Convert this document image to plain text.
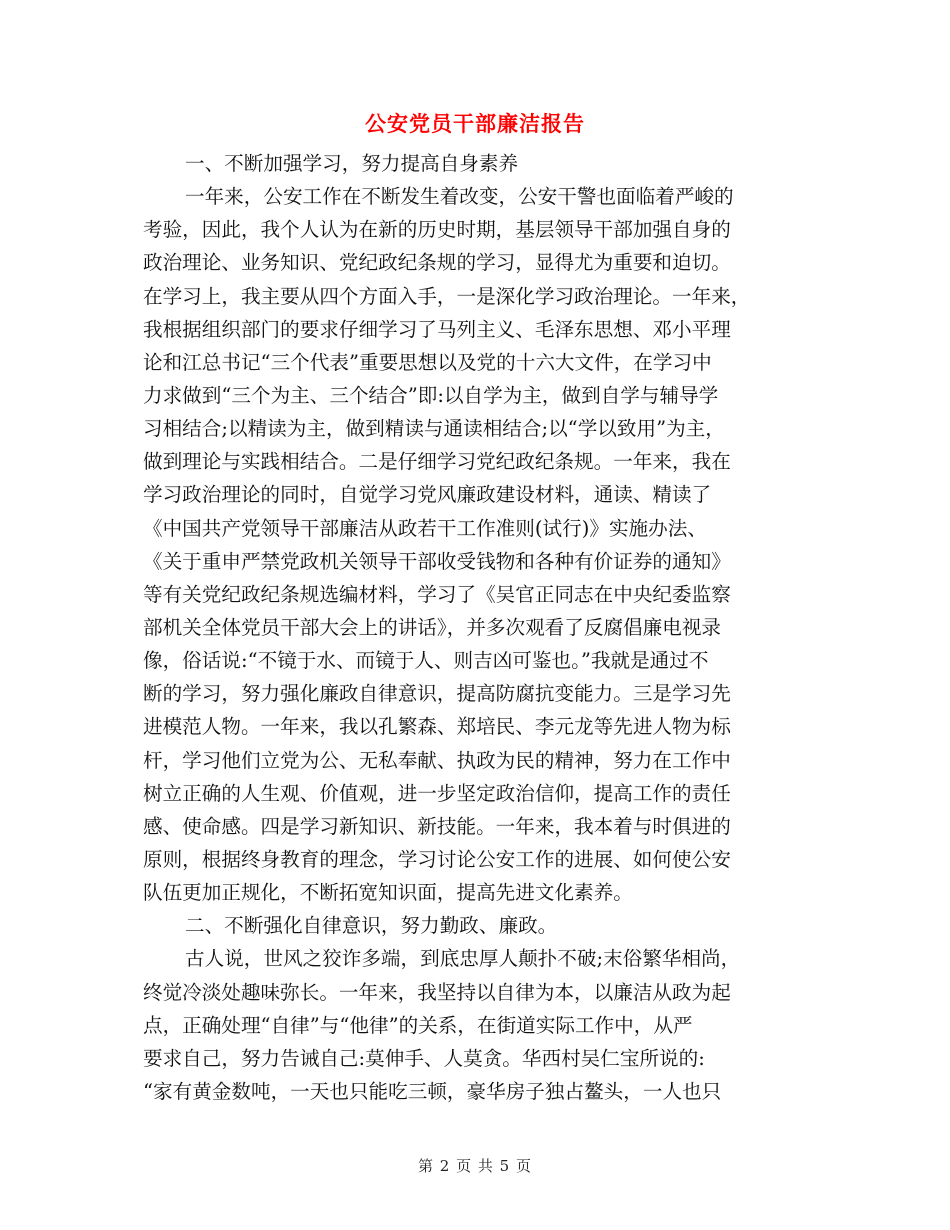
公安党员干部廉洁报告
一、不断加强学习，努力提高自身素养
一年来，公安工作在不断发生着改变，公安干警也面临着严峻的
考验，因此，我个人认为在新的历史时期，基层领导干部加强自身的
政治理论、业务知识、党纪政纪条规的学习，显得尤为重要和迫切。
在学习上，我主要从四个方面入手，一是深化学习政治理论。一年来，
我根据组织部门的要求仔细学习了马列主义、毛泽东思想、邓小平理
论和江总书记“三个代表”重要思想以及党的十六大文件，在学习中
力求做到“三个为主、三个结合”即:以自学为主，做到自学与辅导学
习相结合;以精读为主，做到精读与通读相结合;以“学以致用”为主，
做到理论与实践相结合。二是仔细学习党纪政纪条规。一年来，我在
学习政治理论的同时，自觉学习党风廉政建设材料，通读、精读了
《中国共产党领导干部廉洁从政若干工作准则(试行)》实施办法、
《关于重申严禁党政机关领导干部收受钱物和各种有价证券的通知》
等有关党纪政纪条规选编材料，学习了《吴官正同志在中央纪委监察
部机关全体党员干部大会上的讲话》，并多次观看了反腐倡廉电视录
像，俗话说:“不镜于水、而镜于人、则吉凶可鉴也。”我就是通过不
断的学习，努力强化廉政自律意识，提高防腐抗变能力。三是学习先
进模范人物。一年来，我以孔繁森、郑培民、李元龙等先进人物为标
杆，学习他们立党为公、无私奉献、执政为民的精神，努力在工作中
树立正确的人生观、价值观，进一步坚定政治信仰，提高工作的责任
感、使命感。四是学习新知识、新技能。一年来，我本着与时俱进的
原则，根据终身教育的理念，学习讨论公安工作的进展、如何使公安
队伍更加正规化，不断拓宽知识面，提高先进文化素养。
二、不断强化自律意识，努力勤政、廉政。
古人说，世风之狡诈多端，到底忠厚人颠扑不破;末俗繁华相尚，
终觉冷淡处趣味弥长。一年来，我坚持以自律为本，以廉洁从政为起
点，正确处理“自律”与“他律”的关系，在街道实际工作中，从严
要求自己，努力告诫自己:莫伸手、人莫贪。华西村吴仁宝所说的:
“家有黄金数吨，一天也只能吃三顿，豪华房子独占鳌头，一人也只
第 2 页 共 5 页
